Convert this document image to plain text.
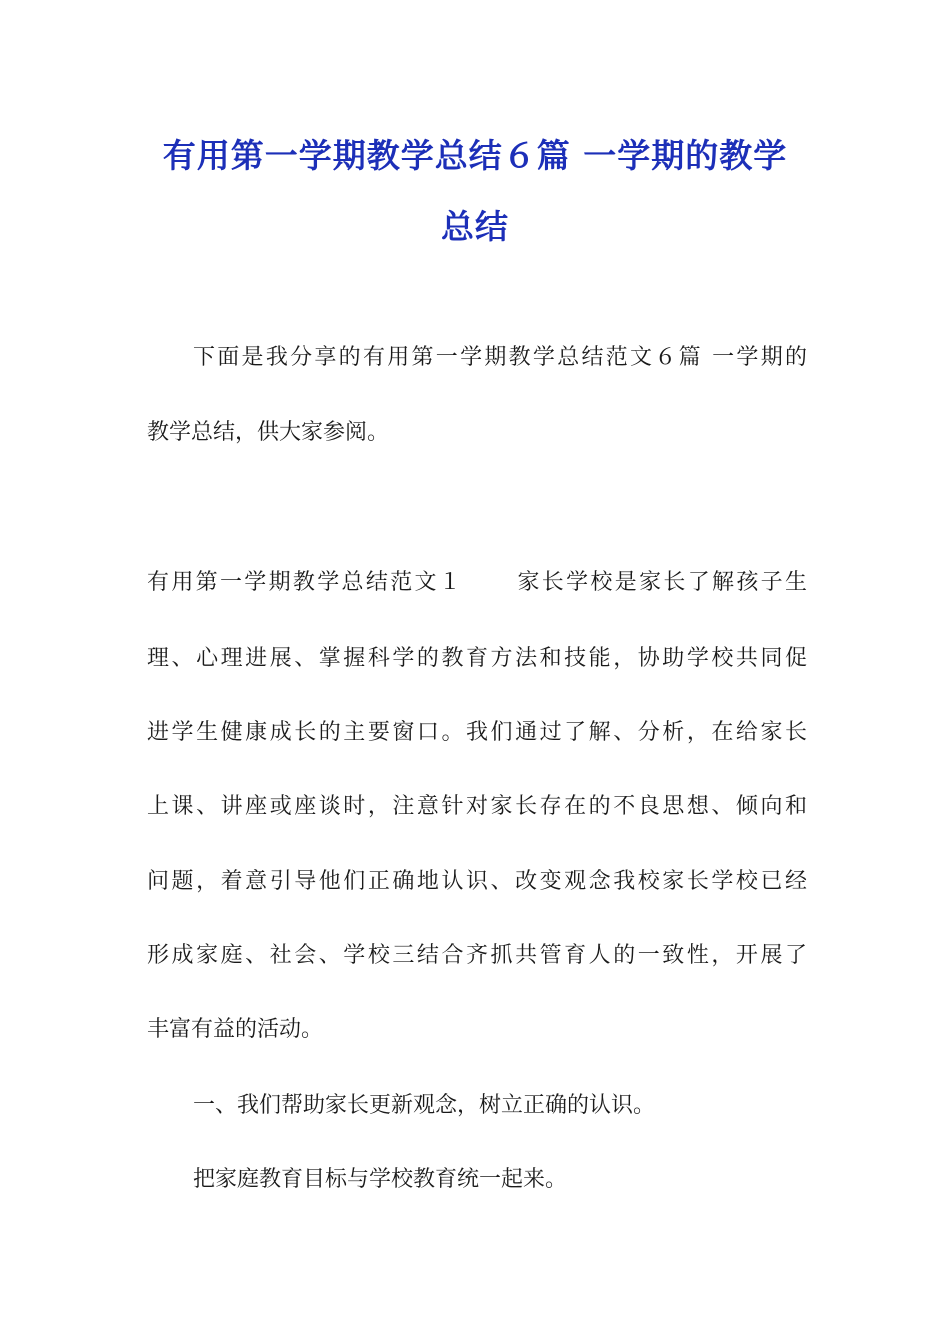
有用第一学期教学总结６篇 一学期的教学
总结

下面是我分享的有用第一学期教学总结范文６篇 一学期的

教学总结，供大家参阅。

有用第一学期教学总结范文１ 家长学校是家长了解孩子生

理、心理进展、掌握科学的教育方法和技能，协助学校共同促

进学生健康成长的主要窗口。我们通过了解、分析，在给家长

上课、讲座或座谈时，注意针对家长存在的不良思想、倾向和

问题，着意引导他们正确地认识、改变观念我校家长学校已经

形成家庭、社会、学校三结合齐抓共管育人的一致性，开展了

丰富有益的活动。

一、我们帮助家长更新观念，树立正确的认识。

把家庭教育目标与学校教育统一起来。
